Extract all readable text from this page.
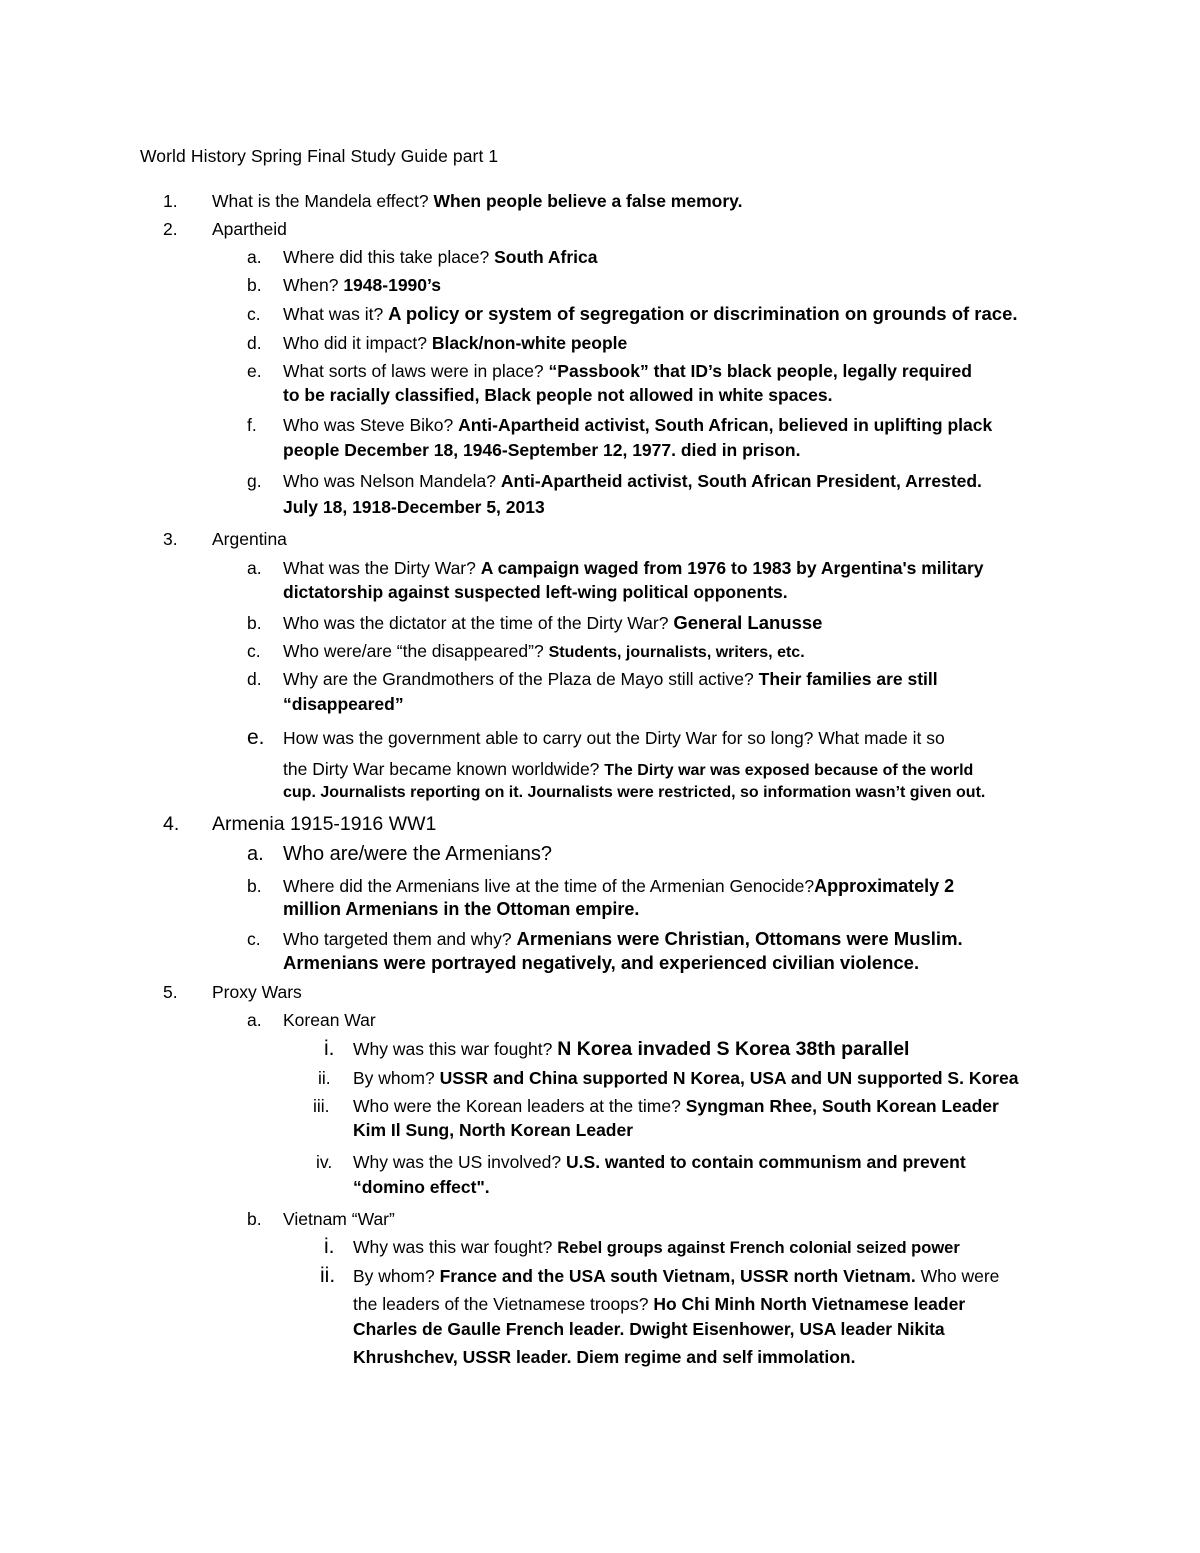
World History Spring Final Study Guide part 1
1. What is the Mandela effect? When people believe a false memory.
2. Apartheid
a. Where did this take place? South Africa
b. When? 1948-1990’s
c. What was it? A policy or system of segregation or discrimination on grounds of race.
d. Who did it impact? Black/non-white people
e. What sorts of laws were in place? “Passbook” that ID’s black people, legally required
to be racially classified, Black people not allowed in white spaces.
f. Who was Steve Biko? Anti-Apartheid activist, South African, believed in uplifting plack
people December 18, 1946-September 12, 1977. died in prison.
g. Who was Nelson Mandela? Anti-Apartheid activist, South African President, Arrested.
July 18, 1918-December 5, 2013
3. Argentina
a. What was the Dirty War? A campaign waged from 1976 to 1983 by Argentina's military
dictatorship against suspected left-wing political opponents.
b. Who was the dictator at the time of the Dirty War? General Lanusse
c. Who were/are “the disappeared”? Students, journalists, writers, etc.
d. Why are the Grandmothers of the Plaza de Mayo still active? Their families are still
“disappeared”
e. How was the government able to carry out the Dirty War for so long? What made it so
the Dirty War became known worldwide? The Dirty war was exposed because of the world
cup. Journalists reporting on it. Journalists were restricted, so information wasn’t given out.
4. Armenia 1915-1916 WW1
a. Who are/were the Armenians?
b. Where did the Armenians live at the time of the Armenian Genocide?Approximately 2
million Armenians in the Ottoman empire.
c. Who targeted them and why? Armenians were Christian, Ottomans were Muslim.
Armenians were portrayed negatively, and experienced civilian violence.
5. Proxy Wars
a. Korean War
i. Why was this war fought? N Korea invaded S Korea 38th parallel
ii. By whom? USSR and China supported N Korea, USA and UN supported S. Korea
iii. Who were the Korean leaders at the time? Syngman Rhee, South Korean Leader
Kim Il Sung, North Korean Leader
iv. Why was the US involved? U.S. wanted to contain communism and prevent
“domino effect".
b. Vietnam “War”
i. Why was this war fought? Rebel groups against French colonial seized power
ii. By whom? France and the USA south Vietnam, USSR north Vietnam. Who were
the leaders of the Vietnamese troops? Ho Chi Minh North Vietnamese leader
Charles de Gaulle French leader. Dwight Eisenhower, USA leader Nikita
Khrushchev, USSR leader. Diem regime and self immolation.
